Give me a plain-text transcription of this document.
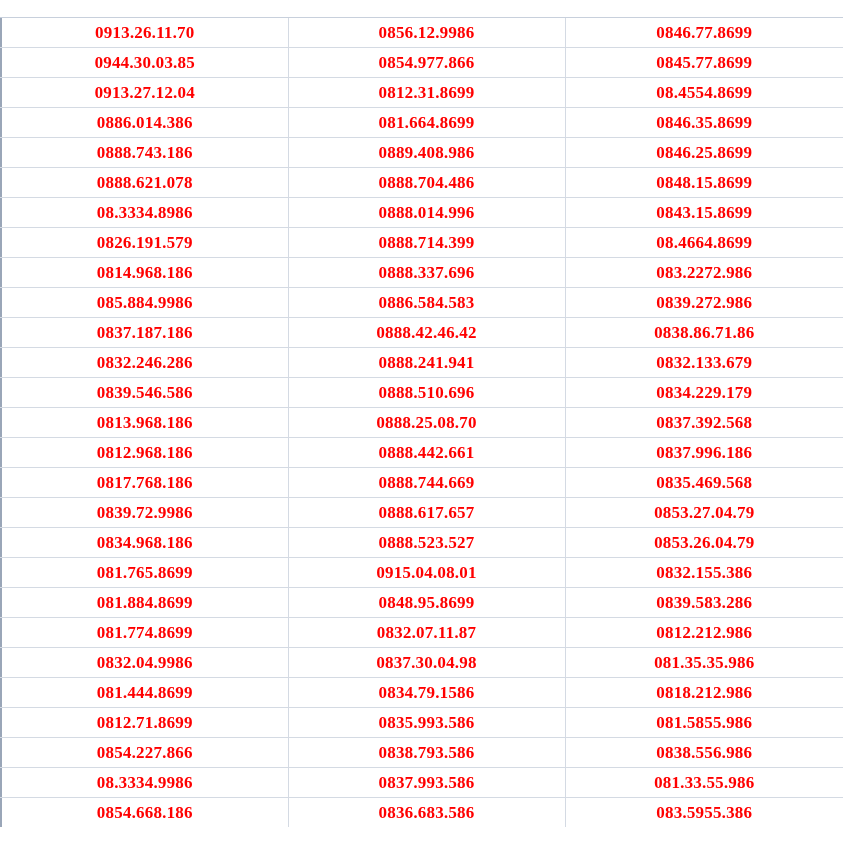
0913.26.11.70	0856.12.9986	0846.77.8699
0944.30.03.85	0854.977.866	0845.77.8699
0913.27.12.04	0812.31.8699	08.4554.8699
0886.014.386	081.664.8699	0846.35.8699
0888.743.186	0889.408.986	0846.25.8699
0888.621.078	0888.704.486	0848.15.8699
08.3334.8986	0888.014.996	0843.15.8699
0826.191.579	0888.714.399	08.4664.8699
0814.968.186	0888.337.696	083.2272.986
085.884.9986	0886.584.583	0839.272.986
0837.187.186	0888.42.46.42	0838.86.71.86
0832.246.286	0888.241.941	0832.133.679
0839.546.586	0888.510.696	0834.229.179
0813.968.186	0888.25.08.70	0837.392.568
0812.968.186	0888.442.661	0837.996.186
0817.768.186	0888.744.669	0835.469.568
0839.72.9986	0888.617.657	0853.27.04.79
0834.968.186	0888.523.527	0853.26.04.79
081.765.8699	0915.04.08.01	0832.155.386
081.884.8699	0848.95.8699	0839.583.286
081.774.8699	0832.07.11.87	0812.212.986
0832.04.9986	0837.30.04.98	081.35.35.986
081.444.8699	0834.79.1586	0818.212.986
0812.71.8699	0835.993.586	081.5855.986
0854.227.866	0838.793.586	0838.556.986
08.3334.9986	0837.993.586	081.33.55.986
0854.668.186	0836.683.586	083.5955.386
